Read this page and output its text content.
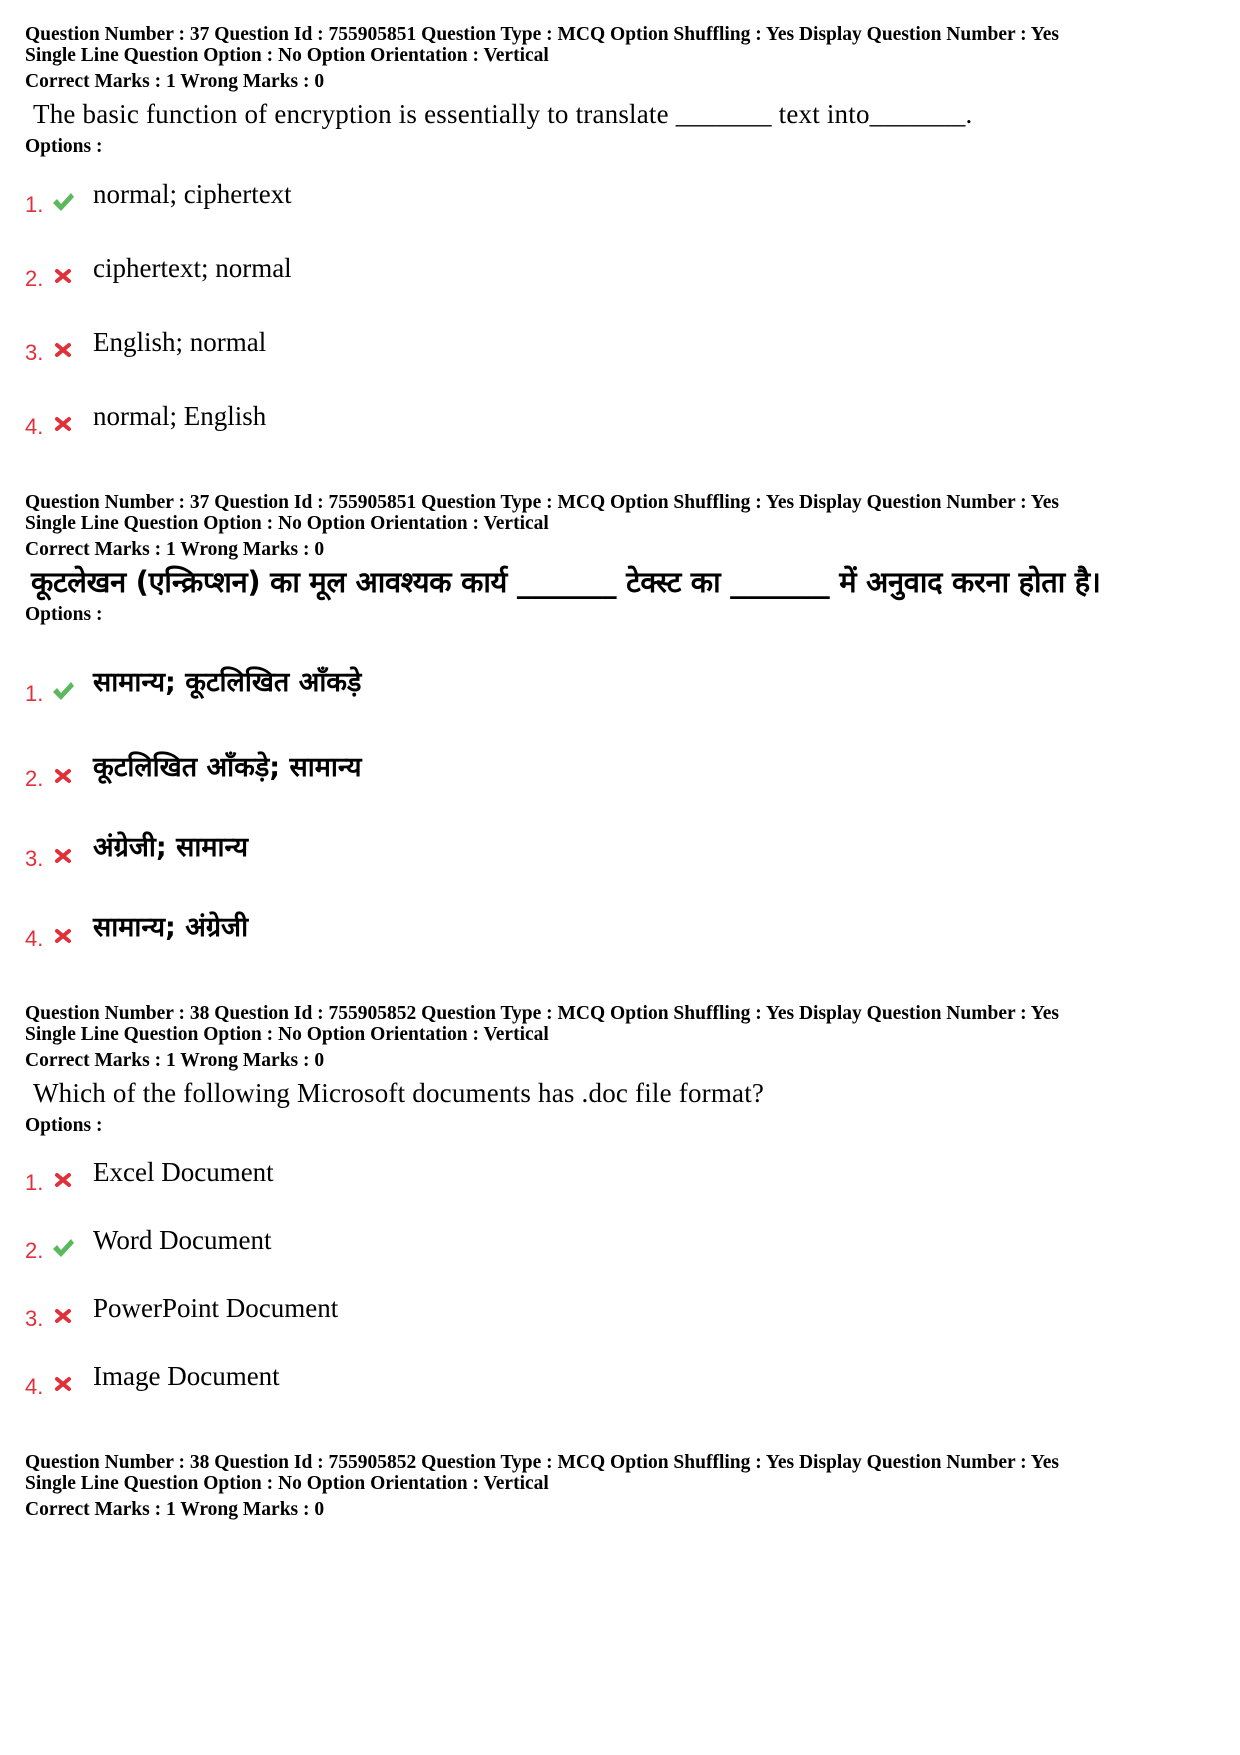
Question Number : 37 Question Id : 755905851 Question Type : MCQ Option Shuffling : Yes Display Question Number : Yes
Single Line Question Option : No Option Orientation : Vertical
Correct Marks : 1 Wrong Marks : 0
The basic function of encryption is essentially to translate _______ text into_______.
Options :
1. normal; ciphertext
2. ciphertext; normal
3. English; normal
4. normal; English
Question Number : 37 Question Id : 755905851 Question Type : MCQ Option Shuffling : Yes Display Question Number : Yes
Single Line Question Option : No Option Orientation : Vertical
Correct Marks : 1 Wrong Marks : 0
कूटलेखन (एन्क्रिप्शन) का मूल आवश्यक कार्य _______ टेक्स्ट का _______ में अनुवाद करना होता है।
Options :
1. सामान्य; कूटलिखित आँकड़े
2. कूटलिखित आँकड़े; सामान्य
3. अंग्रेजी; सामान्य
4. सामान्य; अंग्रेजी
Question Number : 38 Question Id : 755905852 Question Type : MCQ Option Shuffling : Yes Display Question Number : Yes
Single Line Question Option : No Option Orientation : Vertical
Correct Marks : 1 Wrong Marks : 0
Which of the following Microsoft documents has .doc file format?
Options :
1. Excel Document
2. Word Document
3. PowerPoint Document
4. Image Document
Question Number : 38 Question Id : 755905852 Question Type : MCQ Option Shuffling : Yes Display Question Number : Yes
Single Line Question Option : No Option Orientation : Vertical
Correct Marks : 1 Wrong Marks : 0
